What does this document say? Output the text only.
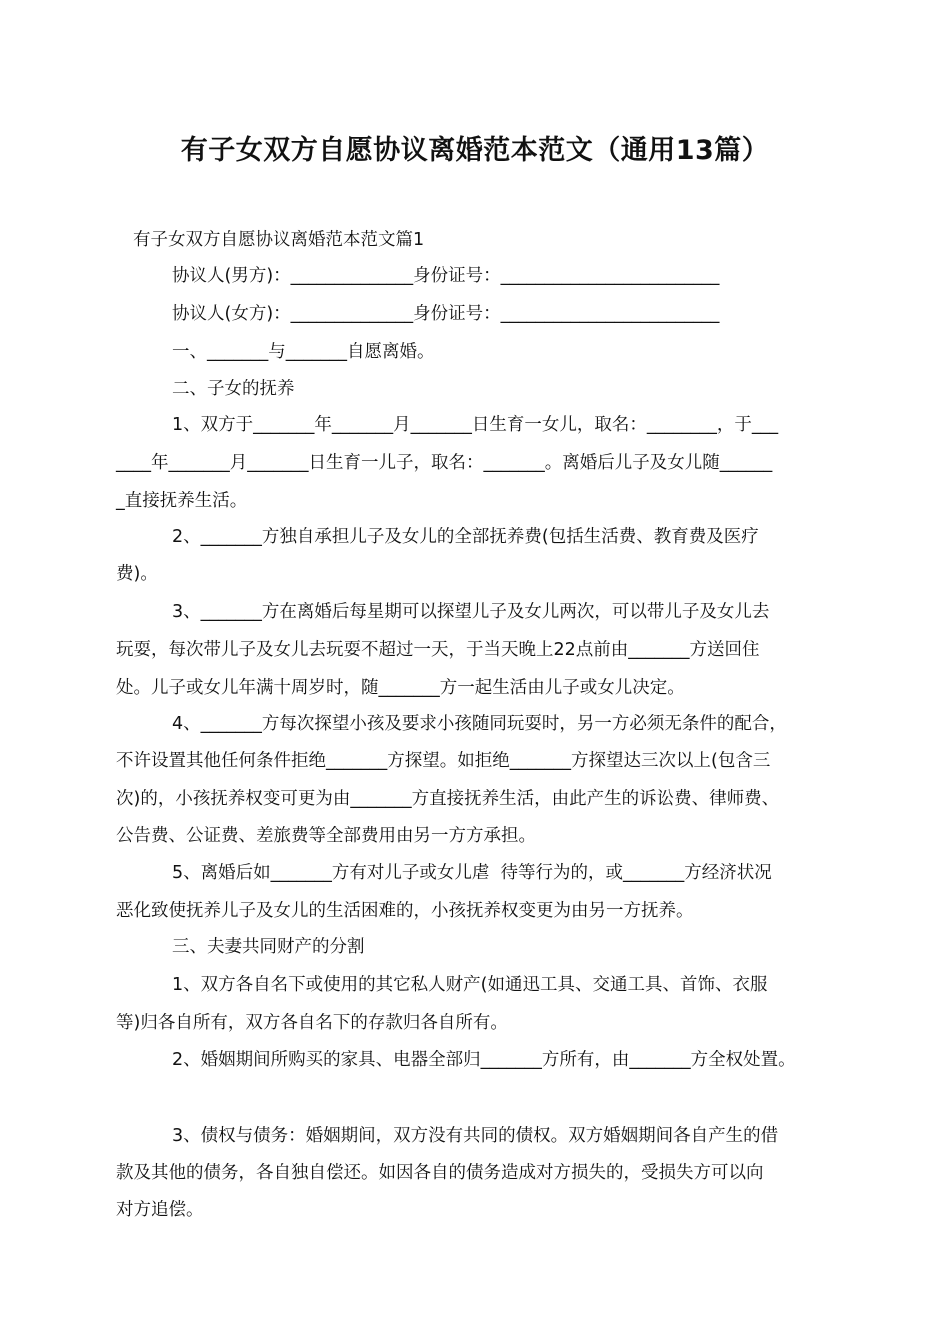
有子女双方自愿协议离婚范本范文（通用13篇）
有子女双方自愿协议离婚范本范文篇1
协议人(男方)：______________身份证号：_________________________
协议人(女方)：______________身份证号：_________________________
一、_______与_______自愿离婚。
二、子女的抚养
1、双方于_______年_______月_______日生育一女儿，取名：________，于___
____年_______月_______日生育一儿子，取名：_______。离婚后儿子及女儿随______
_直接抚养生活。
2、_______方独自承担儿子及女儿的全部抚养费(包括生活费、教育费及医疗
费)。
3、_______方在离婚后每星期可以探望儿子及女儿两次，可以带儿子及女儿去
玩耍，每次带儿子及女儿去玩耍不超过一天，于当天晚上22点前由_______方送回住
处。儿子或女儿年满十周岁时，随_______方一起生活由儿子或女儿决定。
4、_______方每次探望小孩及要求小孩随同玩耍时，另一方必须无条件的配合，
不许设置其他任何条件拒绝_______方探望。如拒绝_______方探望达三次以上(包含三
次)的，小孩抚养权变可更为由_______方直接抚养生活，由此产生的诉讼费、律师费、
公告费、公证费、差旅费等全部费用由另一方方承担。
5、离婚后如_______方有对儿子或女儿虐  待等行为的，或_______方经济状况
恶化致使抚养儿子及女儿的生活困难的，小孩抚养权变更为由另一方抚养。
三、夫妻共同财产的分割
1、双方各自名下或使用的其它私人财产(如通迅工具、交通工具、首饰、衣服
等)归各自所有，双方各自名下的存款归各自所有。
2、婚姻期间所购买的家具、电器全部归_______方所有，由_______方全权处置。
3、债权与债务：婚姻期间，双方没有共同的债权。双方婚姻期间各自产生的借
款及其他的债务，各自独自偿还。如因各自的债务造成对方损失的，受损失方可以向
对方追偿。
